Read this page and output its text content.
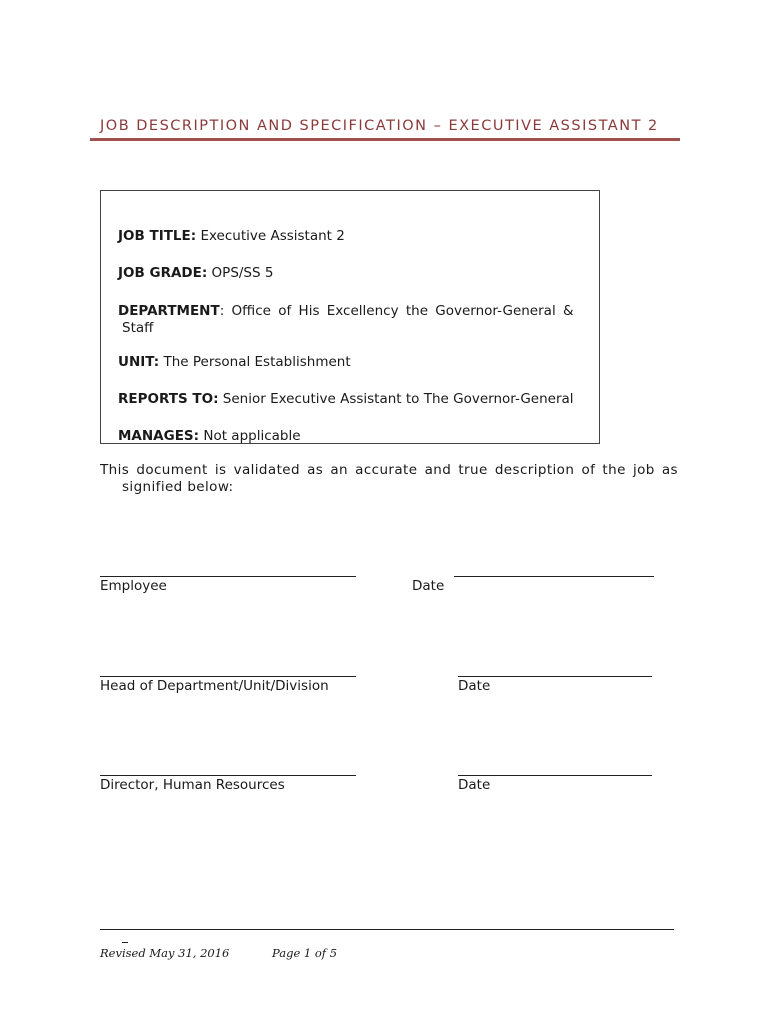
JOB DESCRIPTION AND SPECIFICATION – EXECUTIVE ASSISTANT 2
JOB TITLE: Executive Assistant 2
JOB GRADE: OPS/SS 5
DEPARTMENT: Office of His Excellency the Governor-General &
Staff
UNIT: The Personal Establishment
REPORTS TO: Senior Executive Assistant to The Governor-General
MANAGES: Not applicable
This document is validated as an accurate and true description of the job as
signified below:
Employee	Date
Head of Department/Unit/Division	Date
Director, Human Resources	Date
Revised May 31, 2016	Page 1 of 5
